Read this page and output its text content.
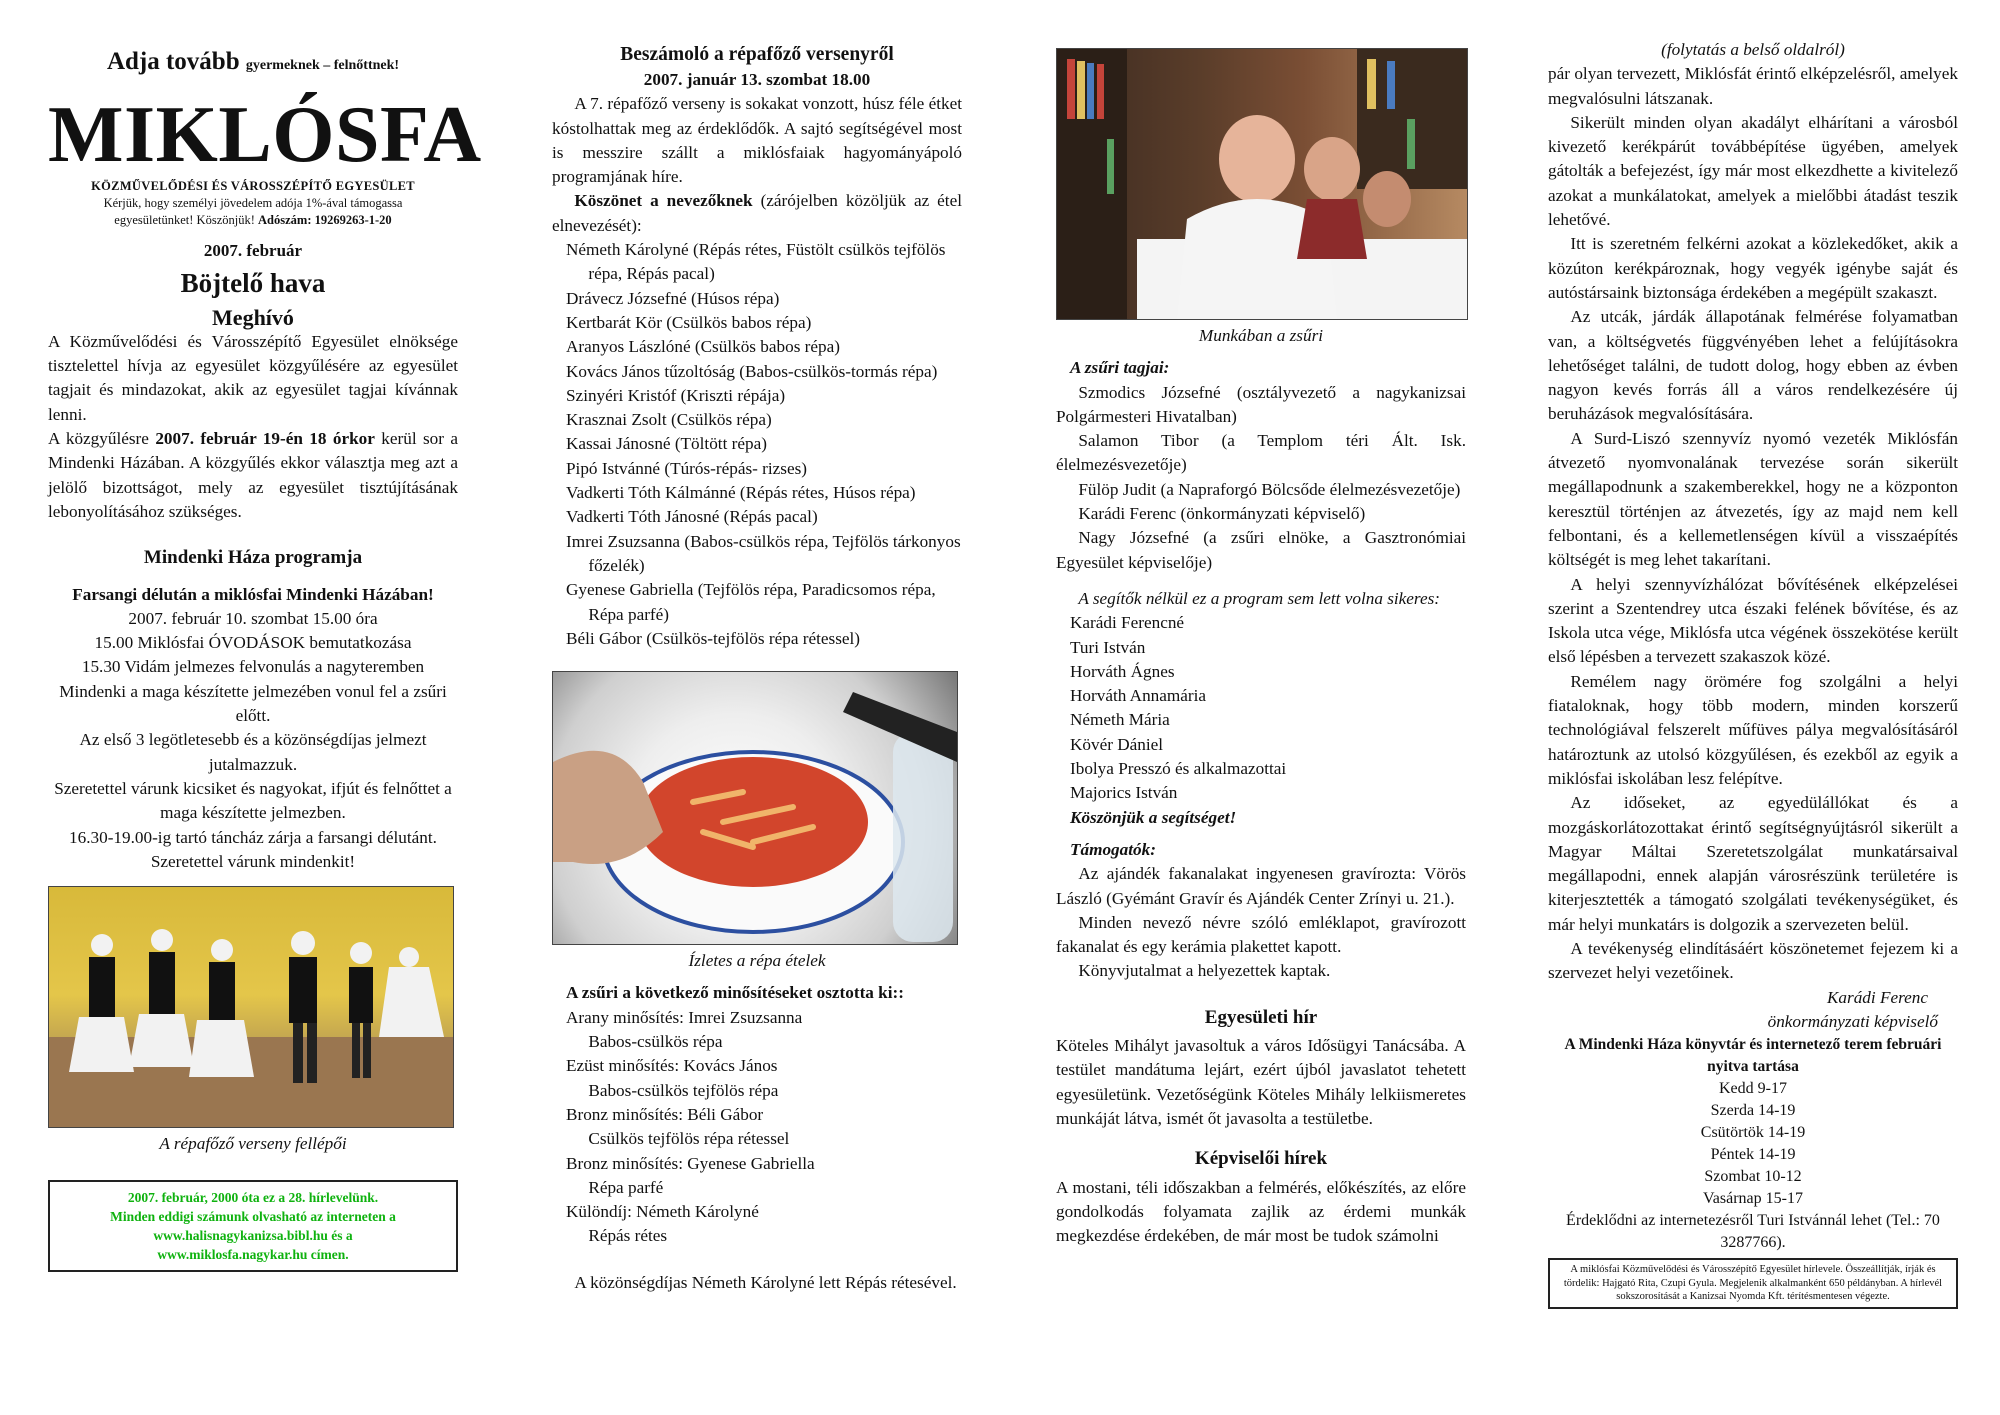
Adja tovább gyermeknek – felnőttnek!
MIKLÓSFA

KÖZMŰVELŐDÉSI ÉS VÁROSSZÉPÍTŐ EGYESÜLET

Kérjük, hogy személyi jövedelem adója 1%-ával támogassa
egyesületünket! Köszönjük! Adószám: 19269263-1-20

2007. február

Böjtelő hava
Meghívó

A Közművelődési és Városszépítő Egyesület elnöksége tisztelettel hívja az egyesület közgyűlésére az egyesület tagjait és mindazokat, akik az egyesület tagjai kívánnak lenni.

A közgyűlésre 2007. február 19-én 18 órkor kerül sor a Mindenki Házában. A közgyűlés ekkor választja meg azt a jelölő bizottságot, mely az egyesület tisztújításának lebonyolításához szükséges.

Mindenki Háza programja

Farsangi délután a miklósfai Mindenki Házában!

2007. február 10. szombat 15.00 óra

15.00 Miklósfai ÓVODÁSOK bemutatkozása

15.30 Vidám jelmezes felvonulás a nagyteremben Mindenki a maga készítette jelmezében vonul fel a zsűri előtt.

Az első 3 legötletesebb és a közönségdíjas jelmezt jutalmazzuk.

Szeretettel várunk kicsiket és nagyokat, ifjút és felnőttet a maga készítette jelmezben.

16.30-19.00-ig tartó táncház zárja a farsangi délutánt.

Szeretettel várunk mindenkit!

A répafőző verseny fellépői

2007. február, 2000 óta ez a 28. hírlevelünk.
Minden eddigi számunk olvasható az interneten a
www.halisnagykanizsa.bibl.hu és a
www.miklosfa.nagykar.hu címen.
Beszámoló a répafőző versenyről

2007. január 13. szombat 18.00

A 7. répafőző verseny is sokakat vonzott, húsz féle étket kóstolhattak meg az érdeklődők. A sajtó segítségével most is messzire szállt a miklósfaiak hagyományápoló programjának híre.

Köszönet a nevezőknek (zárójelben közöljük az étel elnevezését):

Németh Károlyné (Répás rétes, Füstölt csülkös tejfölös répa, Répás pacal)

Drávecz Józsefné (Húsos répa)

Kertbarát Kör (Csülkös babos répa)

Aranyos Lászlóné (Csülkös babos répa)

Kovács János tűzoltóság (Babos-csülkös-tormás répa)

Szinyéri Kristóf (Kriszti répája)

Krasznai Zsolt (Csülkös répa)

Kassai Jánosné (Töltött répa)

Pipó Istvánné (Túrós-répás- rizses)

Vadkerti Tóth Kálmánné (Répás rétes, Húsos répa)

Vadkerti Tóth Jánosné (Répás pacal)

Imrei Zsuzsanna (Babos-csülkös répa, Tejfölös tárkonyos főzelék)

Gyenese Gabriella (Tejfölös répa, Paradicsomos répa, Répa parfé)

Béli Gábor (Csülkös-tejfölös répa rétessel)

Ízletes a répa ételek

A zsűri a következő minősítéseket osztotta ki::

Arany minősítés: Imrei Zsuzsanna

Babos-csülkös répa

Ezüst minősítés: Kovács János

Babos-csülkös tejfölös répa

Bronz minősítés: Béli Gábor

Csülkös tejfölös répa rétessel

Bronz minősítés: Gyenese Gabriella

Répa parfé

Különdíj: Németh Károlyné

Répás rétes

A közönségdíjas Németh Károlyné lett Répás rétesével.

Munkában a zsűri

A zsűri tagjai:

Szmodics Józsefné (osztályvezető a nagykanizsai Polgármesteri Hivatalban)

Salamon Tibor (a Templom téri Ált. Isk. élelmezésvezetője)

Fülöp Judit (a Napraforgó Bölcsőde élelmezésvezetője)

Karádi Ferenc (önkormányzati képviselő)

Nagy Józsefné (a zsűri elnöke, a Gasztronómiai Egyesület képviselője)

A segítők nélkül ez a program sem lett volna sikeres:

Karádi Ferencné

Turi István

Horváth Ágnes

Horváth Annamária

Németh Mária

Kövér Dániel

Ibolya Presszó és alkalmazottai

Majorics István

Köszönjük a segítséget!

Támogatók:

Az ajándék fakanalakat ingyenesen gravírozta: Vörös László (Gyémánt Gravír és Ajándék Center Zrínyi u. 21.).

Minden nevező névre szóló emléklapot, gravírozott fakanalat és egy kerámia plakettet kapott.

Könyvjutalmat a helyezettek kaptak.

Egyesületi hír

Köteles Mihályt javasoltuk a város Idősügyi Tanácsába. A testület mandátuma lejárt, ezért újból javaslatot tehetett egyesületünk. Vezetőségünk Köteles Mihály lelkiismeretes munkáját látva, ismét őt javasolta a testületbe.

Képviselői hírek

A mostani, téli időszakban a felmérés, előkészítés, az előre gondolkodás folyamata zajlik az érdemi munkák megkezdése érdekében, de már most be tudok számolni

(folytatás a belső oldalról)

pár olyan tervezett, Miklósfát érintő elképzelésről, amelyek megvalósulni látszanak.

Sikerült minden olyan akadályt elhárítani a városból kivezető kerékpárút továbbépítése ügyében, amelyek gátolták a befejezést, így már most elkezdhette a kivitelező azokat a munkálatokat, amelyek a mielőbbi átadást teszik lehetővé.

Itt is szeretném felkérni azokat a közlekedőket, akik a közúton kerékpároznak, hogy vegyék igénybe saját és autóstársaink biztonsága érdekében a megépült szakaszt.

Az utcák, járdák állapotának felmérése folyamatban van, a költségvetés függvényében lehet a felújításokra lehetőséget találni, de tudott dolog, hogy ebben az évben nagyon kevés forrás áll a város rendelkezésére új beruházások megvalósítására.

A Surd-Liszó szennyvíz nyomó vezeték Miklósfán átvezető nyomvonalának tervezése során sikerült megállapodnunk a szakemberekkel, hogy ne a központon keresztül történjen az átvezetés, így az majd nem kell felbontani, és a kellemetlenségen kívül a visszaépítés költségét is meg lehet takarítani.

A helyi szennyvízhálózat bővítésének elképzelései szerint a Szentendrey utca északi felének bővítése, és az Iskola utca vége, Miklósfa utca végének összekötése került első lépésben a tervezett szakaszok közé.

Remélem nagy örömére fog szolgálni a helyi fiataloknak, hogy több modern, minden korszerű technológiával felszerelt műfüves pálya megvalósításáról határoztunk az utolsó közgyűlésen, és ezekből az egyik a miklósfai iskolában lesz felépítve.

Az időseket, az egyedülállókat és a mozgáskorlátozottakat érintő segítségnyújtásról sikerült a Magyar Máltai Szeretetszolgálat munkatársaival megállapodni, ennek alapján városrészünk területére is kiterjesztették a támogató szolgálati tevékenységüket, és már helyi munkatárs is dolgozik a szervezeten belül.

A tevékenység elindításáért köszönetemet fejezem ki a szervezet helyi vezetőinek.

Karádi Ferenc

önkormányzati képviselő

A Mindenki Háza könyvtár és internetező terem februári nyitva tartása

Kedd 9-17

Szerda 14-19

Csütörtök 14-19

Péntek 14-19

Szombat 10-12

Vasárnap 15-17

Érdeklődni az internetezésről Turi Istvánnál lehet (Tel.: 70 3287766).

A miklósfai Közművelődési és Városszépítő Egyesület hírlevele. Összeállítják, írják és tördelik: Hajgató Rita, Czupi Gyula. Megjelenik alkalmanként 650 példányban. A hírlevél sokszorosítását a Kanizsai Nyomda Kft. térítésmentesen végezte.
